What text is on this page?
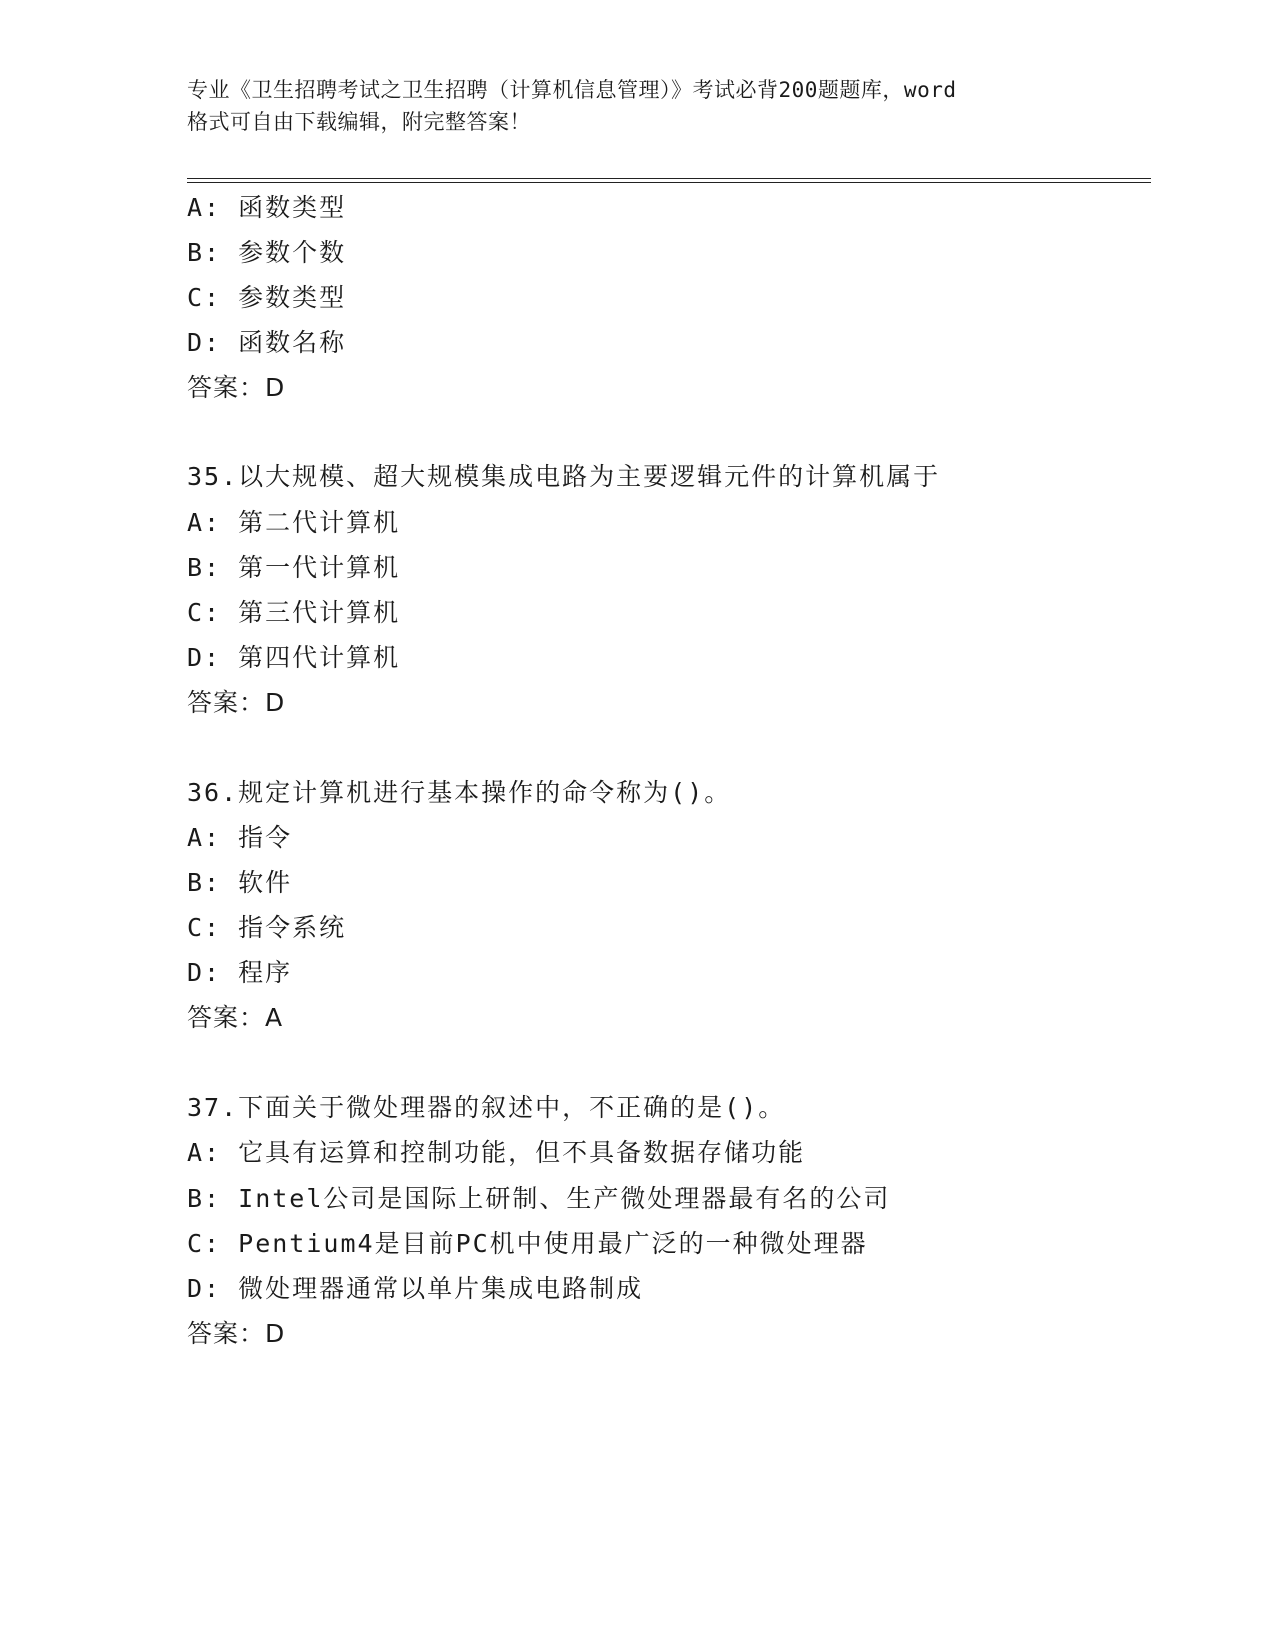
专业《卫生招聘考试之卫生招聘（计算机信息管理）》考试必背200题题库，word
格式可自由下载编辑，附完整答案！
A: 函数类型
B: 参数个数
C: 参数类型
D: 函数名称
答案：D
35.以大规模、超大规模集成电路为主要逻辑元件的计算机属于
A: 第二代计算机
B: 第一代计算机
C: 第三代计算机
D: 第四代计算机
答案：D
36.规定计算机进行基本操作的命令称为()。
A: 指令
B: 软件
C: 指令系统
D: 程序
答案：A
37.下面关于微处理器的叙述中，不正确的是()。
A: 它具有运算和控制功能，但不具备数据存储功能
B: Intel公司是国际上研制、生产微处理器最有名的公司
C: Pentium4是目前PC机中使用最广泛的一种微处理器
D: 微处理器通常以单片集成电路制成
答案：D
